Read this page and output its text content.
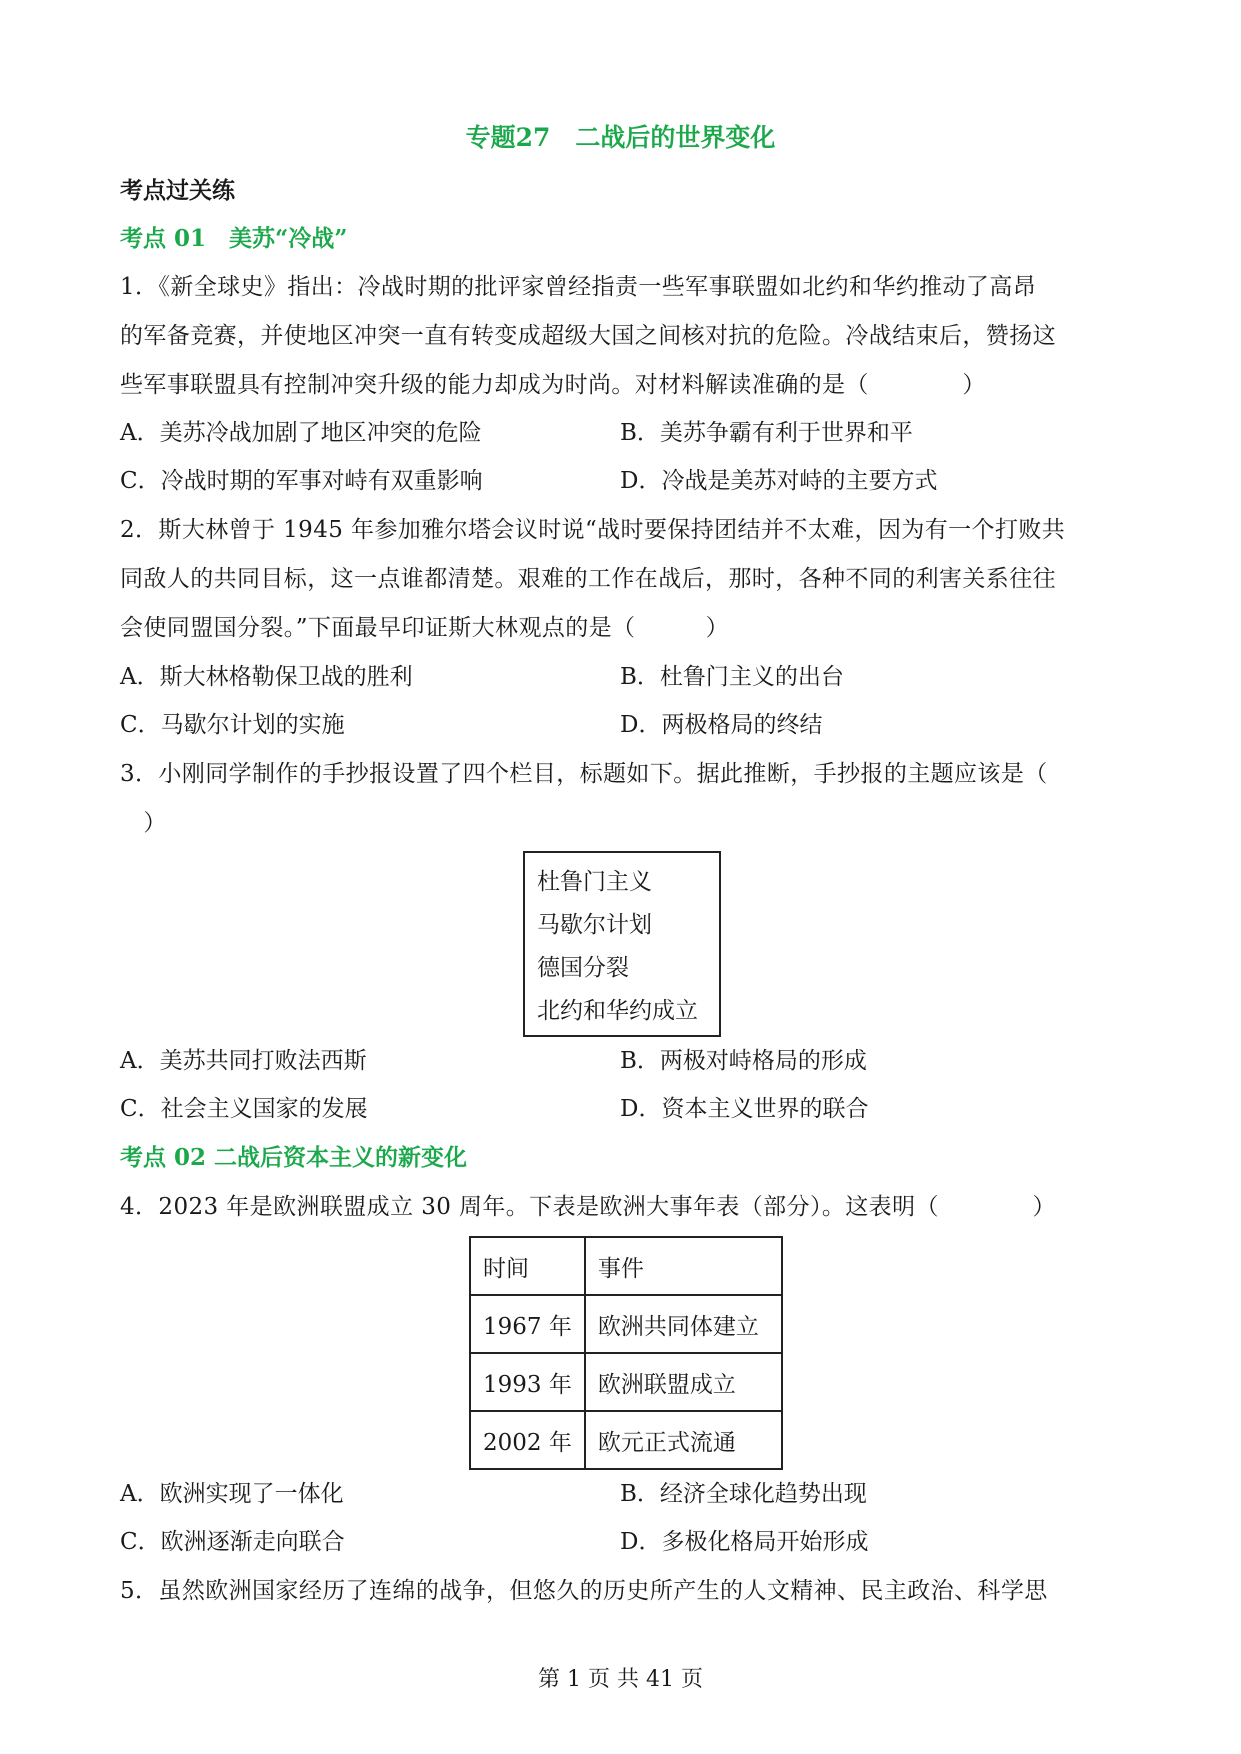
专题27　二战后的世界变化
考点过关练
考点 01　美苏“冷战”
1．《新全球史》指出：冷战时期的批评家曾经指责一些军事联盟如北约和华约推动了高昂
的军备竞赛，并使地区冲突一直有转变成超级大国之间核对抗的危险。冷战结束后，赞扬这
些军事联盟具有控制冲突升级的能力却成为时尚。对材料解读准确的是（　　　　）
A．美苏冷战加剧了地区冲突的危险	B．美苏争霸有利于世界和平
C．冷战时期的军事对峙有双重影响	D．冷战是美苏对峙的主要方式
2．斯大林曾于 1945 年参加雅尔塔会议时说“战时要保持团结并不太难，因为有一个打败共
同敌人的共同目标，这一点谁都清楚。艰难的工作在战后，那时，各种不同的利害关系往往
会使同盟国分裂。”下面最早印证斯大林观点的是（　　　）
A．斯大林格勒保卫战的胜利	B．杜鲁门主义的出台
C．马歇尔计划的实施	D．两极格局的终结
3．小刚同学制作的手抄报设置了四个栏目，标题如下。据此推断，手抄报的主题应该是（
　）
杜鲁门主义
马歇尔计划
德国分裂
北约和华约成立
A．美苏共同打败法西斯	B．两极对峙格局的形成
C．社会主义国家的发展	D．资本主义世界的联合
考点 02 二战后资本主义的新变化
4．2023 年是欧洲联盟成立 30 周年。下表是欧洲大事年表（部分）。这表明（　　　　）
时间	事件
1967 年	欧洲共同体建立
1993 年	欧洲联盟成立
2002 年	欧元正式流通
A．欧洲实现了一体化	B．经济全球化趋势出现
C．欧洲逐渐走向联合	D．多极化格局开始形成
5．虽然欧洲国家经历了连绵的战争，但悠久的历史所产生的人文精神、民主政治、科学思
第 1 页 共 41 页
